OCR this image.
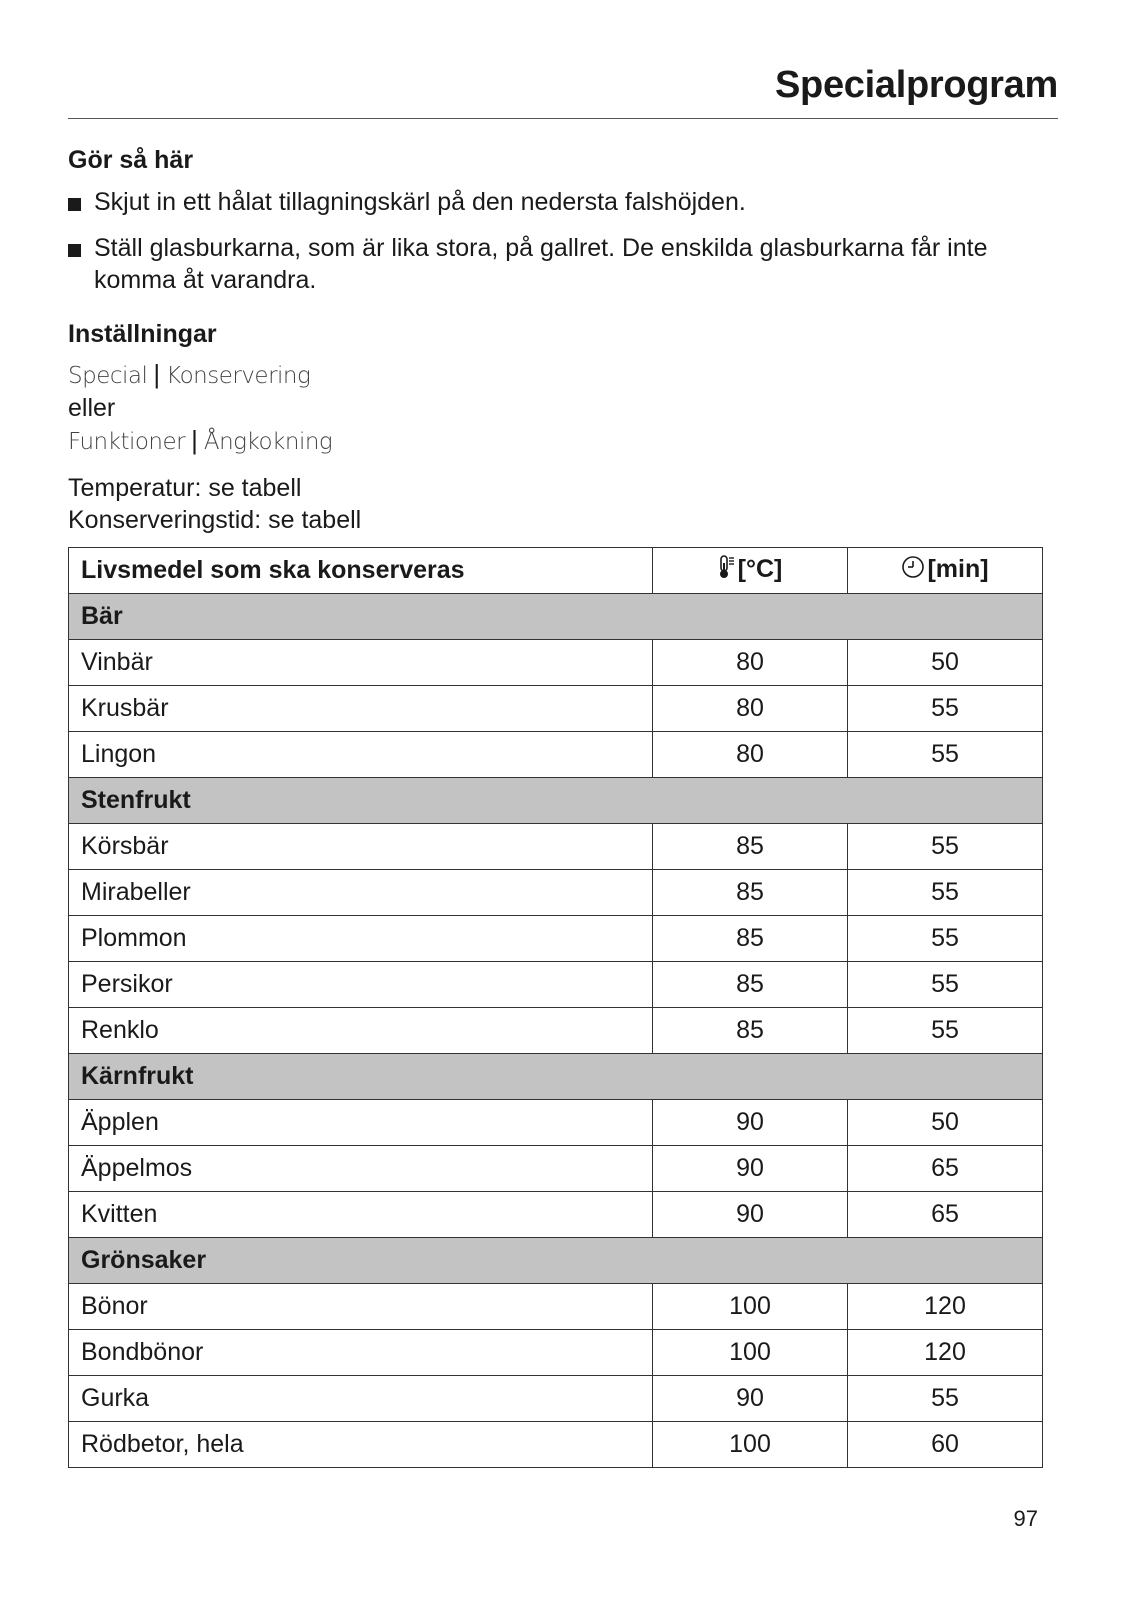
Specialprogram

Gör så här

Skjut in ett hålat tillagningskärl på den nedersta falshöjden.
Ställ glasburkarna, som är lika stora, på gallret. De enskilda glasburkarna får inte komma åt varandra.

Inställningar

Special | Konservering
eller
Funktioner | Ångkokning
Temperatur: se tabell
Konserveringstid: se tabell
Livsmedel som ska konserveras	[°C]	[min]
Bär		
Vinbär	80	50
Krusbär	80	55
Lingon	80	55
Stenfrukt		
Körsbär	85	55
Mirabeller	85	55
Plommon	85	55
Persikor	85	55
Renklo	85	55
Kärnfrukt		
Äpplen	90	50
Äppelmos	90	65
Kvitten	90	65
Grönsaker		
Bönor	100	120
Bondbönor	100	120
Gurka	90	55
Rödbetor, hela	100	60
97
